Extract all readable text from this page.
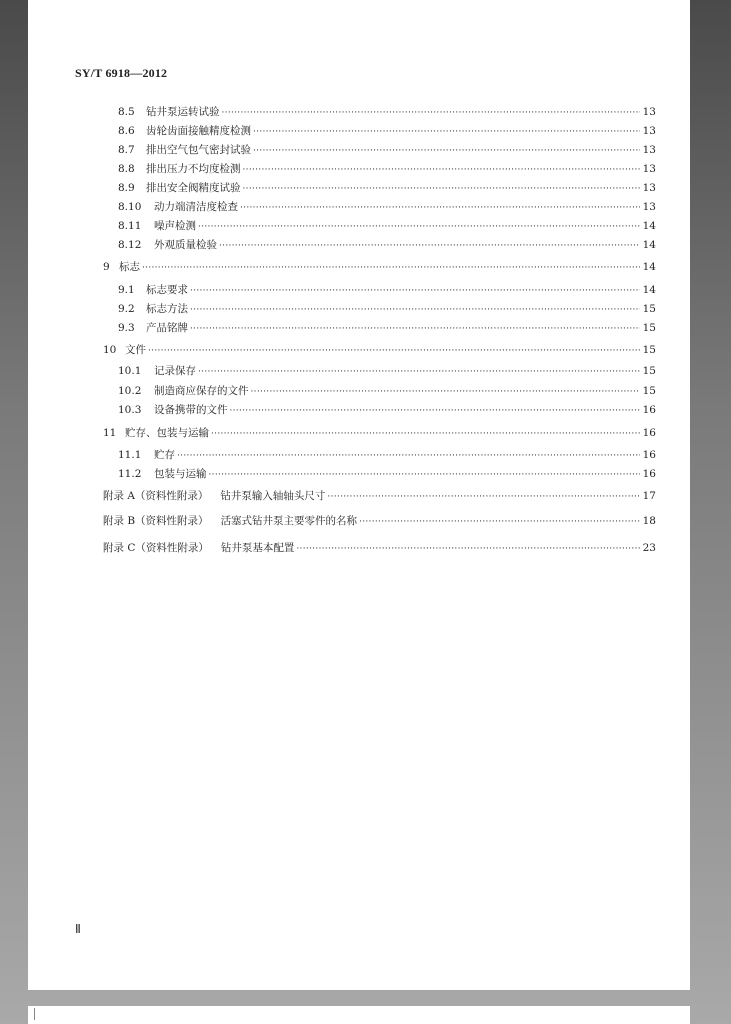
SY/T 6918—2012
8.5	钻井泵运转试验 ·····	13
8.6	齿轮齿面接触精度检测 ·····	13
8.7	排出空气包气密封试验 ·····	13
8.8	排出压力不均度检测 ·····	13
8.9	排出安全阀精度试验 ·····	13
8.10	动力端清洁度检查 ·····	13
8.11	噪声检测 ·····	14
8.12	外观质量检验 ·····	14
9 标志 ·····	14
9.1	标志要求 ·····	14
9.2	标志方法 ·····	15
9.3	产品铭牌 ·····	15
10 文件 ·····	15
10.1	记录保存 ·····	15
10.2	制造商应保存的文件 ·····	15
10.3	设备携带的文件 ·····	16
11 贮存、包装与运输 ·····	16
11.1	贮存 ·····	16
11.2	包装与运输 ·····	16
附录 A（资料性附录） 钻井泵输入轴轴头尺寸 ·····	17
附录 B（资料性附录） 活塞式钻井泵主要零件的名称 ·····	18
附录 C（资料性附录） 钻井泵基本配置 ·····	23
Ⅱ
